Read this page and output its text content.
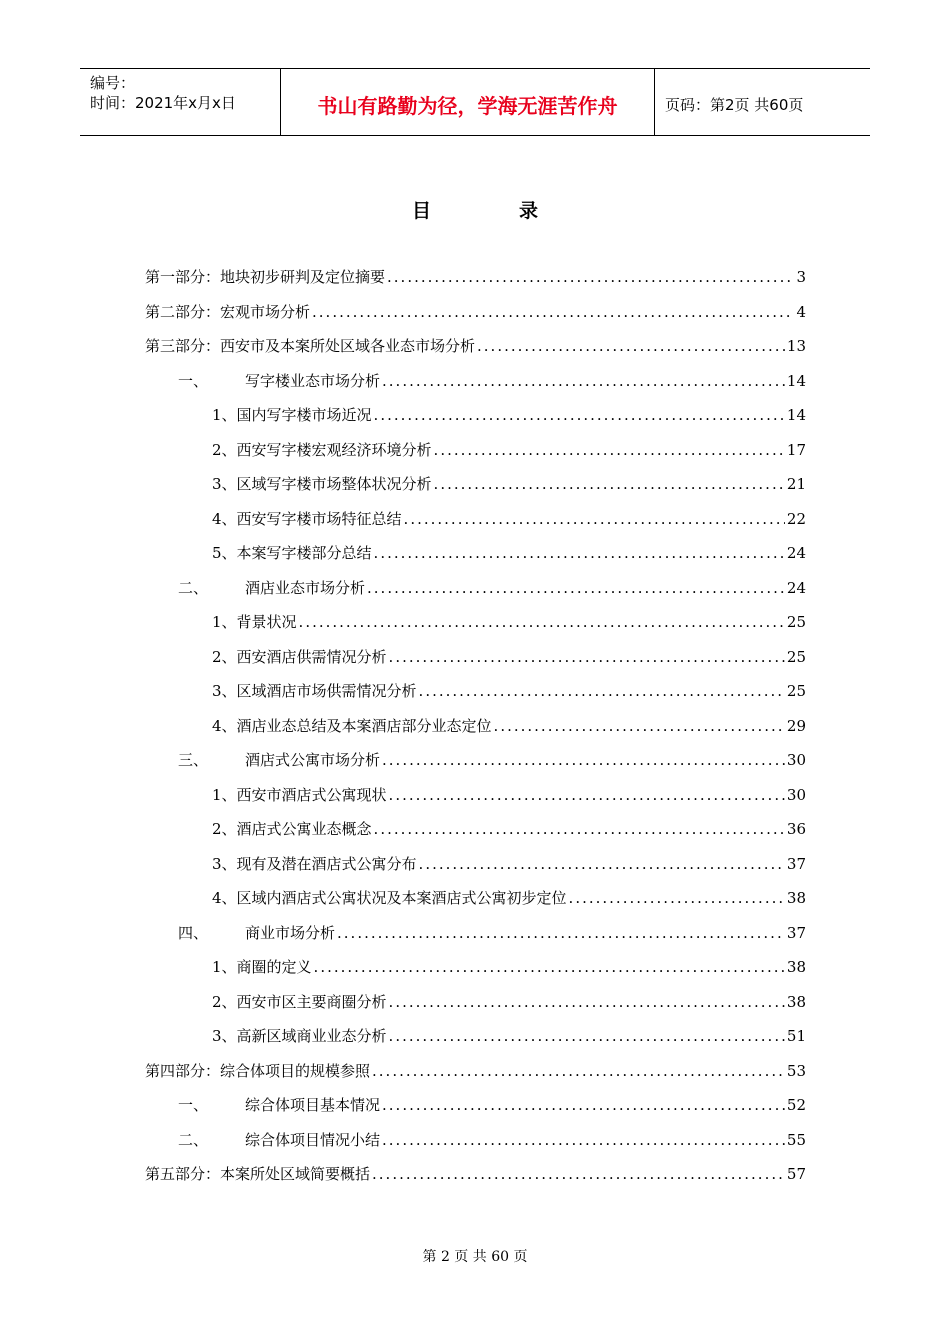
编号：
时间：2021年x月x日	书山有路勤为径，学海无涯苦作舟	页码：第2页 共60页
目	录
第一部分：地块初步研判及定位摘要 .....	3
第二部分：宏观市场分析 .....	4
第三部分：西安市及本案所处区域各业态市场分析 .....	13
一、	写字楼业态市场分析 .....	14
1、国内写字楼市场近况 .....	14
2、西安写字楼宏观经济环境分析 .....	17
3、区域写字楼市场整体状况分析 .....	21
4、西安写字楼市场特征总结 .....	22
5、本案写字楼部分总结 .....	24
二、	酒店业态市场分析 .....	24
1、背景状况 .....	25
2、西安酒店供需情况分析 .....	25
3、区域酒店市场供需情况分析 .....	25
4、酒店业态总结及本案酒店部分业态定位 .....	29
三、	酒店式公寓市场分析 .....	30
1、西安市酒店式公寓现状 .....	30
2、酒店式公寓业态概念 .....	36
3、现有及潜在酒店式公寓分布 .....	37
4、区域内酒店式公寓状况及本案酒店式公寓初步定位 .....	38
四、	商业市场分析 .....	37
1、商圈的定义 .....	38
2、西安市区主要商圈分析 .....	38
3、高新区域商业业态分析 .....	51
第四部分：综合体项目的规模参照 .....	53
一、	综合体项目基本情况 .....	52
二、	综合体项目情况小结 .....	55
第五部分：本案所处区域简要概括 .....	57
第 2 页 共 60 页
